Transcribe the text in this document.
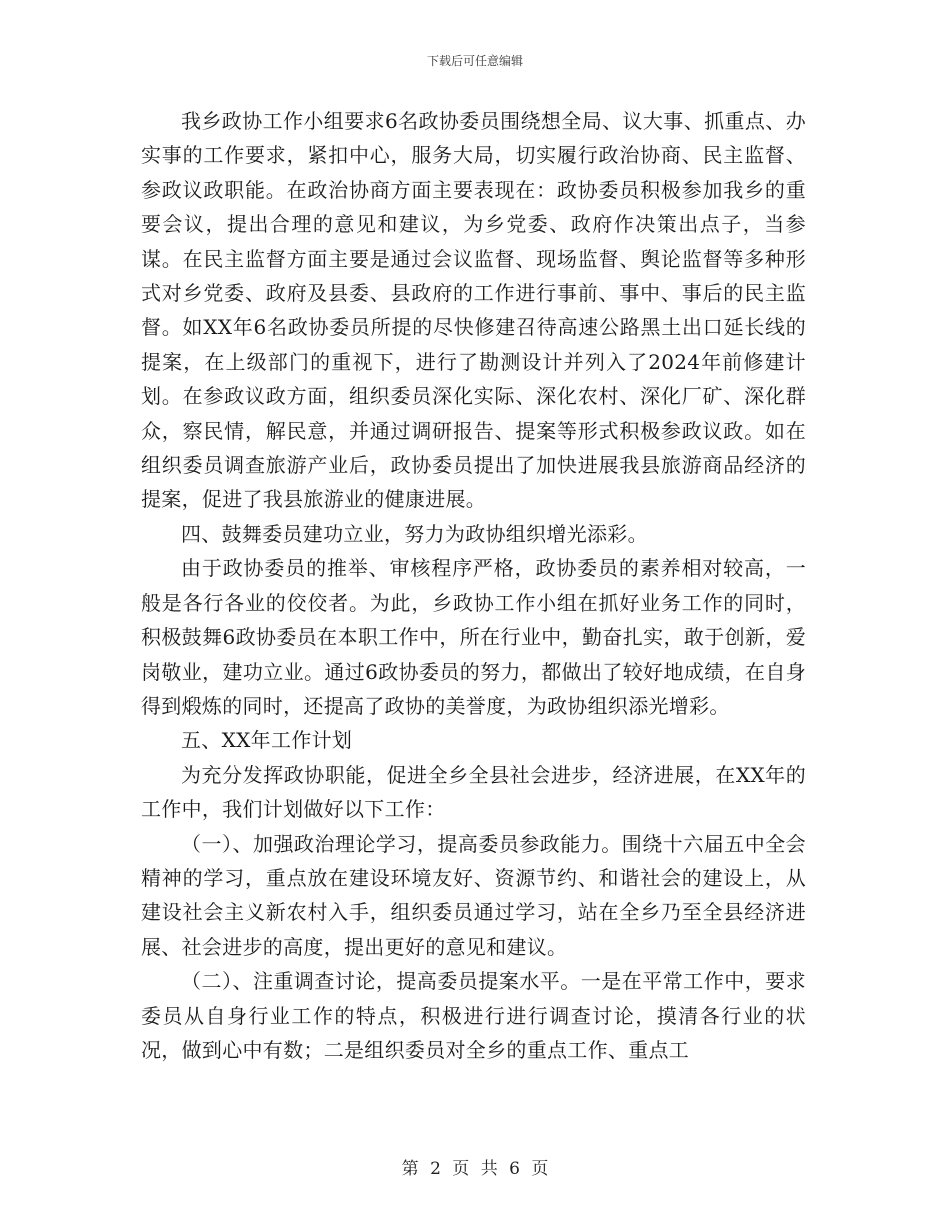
下载后可任意编辑

我乡政协工作小组要求6名政协委员围绕想全局、议大事、抓重点、办实事的工作要求，紧扣中心，服务大局，切实履行政治协商、民主监督、参政议政职能。在政治协商方面主要表现在：政协委员积极参加我乡的重要会议，提出合理的意见和建议，为乡党委、政府作决策出点子，当参谋。在民主监督方面主要是通过会议监督、现场监督、舆论监督等多种形式对乡党委、政府及县委、县政府的工作进行事前、事中、事后的民主监督。如XX年6名政协委员所提的尽快修建召待高速公路黑土出口延长线的提案，在上级部门的重视下，进行了勘测设计并列入了2024年前修建计划。在参政议政方面，组织委员深化实际、深化农村、深化厂矿、深化群众，察民情，解民意，并通过调研报告、提案等形式积极参政议政。如在组织委员调查旅游产业后，政协委员提出了加快进展我县旅游商品经济的提案，促进了我县旅游业的健康进展。

四、鼓舞委员建功立业，努力为政协组织增光添彩。

由于政协委员的推举、审核程序严格，政协委员的素养相对较高，一般是各行各业的佼佼者。为此，乡政协工作小组在抓好业务工作的同时，积极鼓舞6政协委员在本职工作中，所在行业中，勤奋扎实，敢于创新，爱岗敬业，建功立业。通过6政协委员的努力，都做出了较好地成绩，在自身得到煅炼的同时，还提高了政协的美誉度，为政协组织添光增彩。

五、XX年工作计划

为充分发挥政协职能，促进全乡全县社会进步，经济进展，在XX年的工作中，我们计划做好以下工作：

（一）、加强政治理论学习，提高委员参政能力。围绕十六届五中全会精神的学习，重点放在建设环境友好、资源节约、和谐社会的建设上，从建设社会主义新农村入手，组织委员通过学习，站在全乡乃至全县经济进展、社会进步的高度，提出更好的意见和建议。

（二）、注重调查讨论，提高委员提案水平。一是在平常工作中，要求委员从自身行业工作的特点，积极进行进行调查讨论，摸清各行业的状况，做到心中有数；二是组织委员对全乡的重点工作、重点工

第 2 页 共 6 页
